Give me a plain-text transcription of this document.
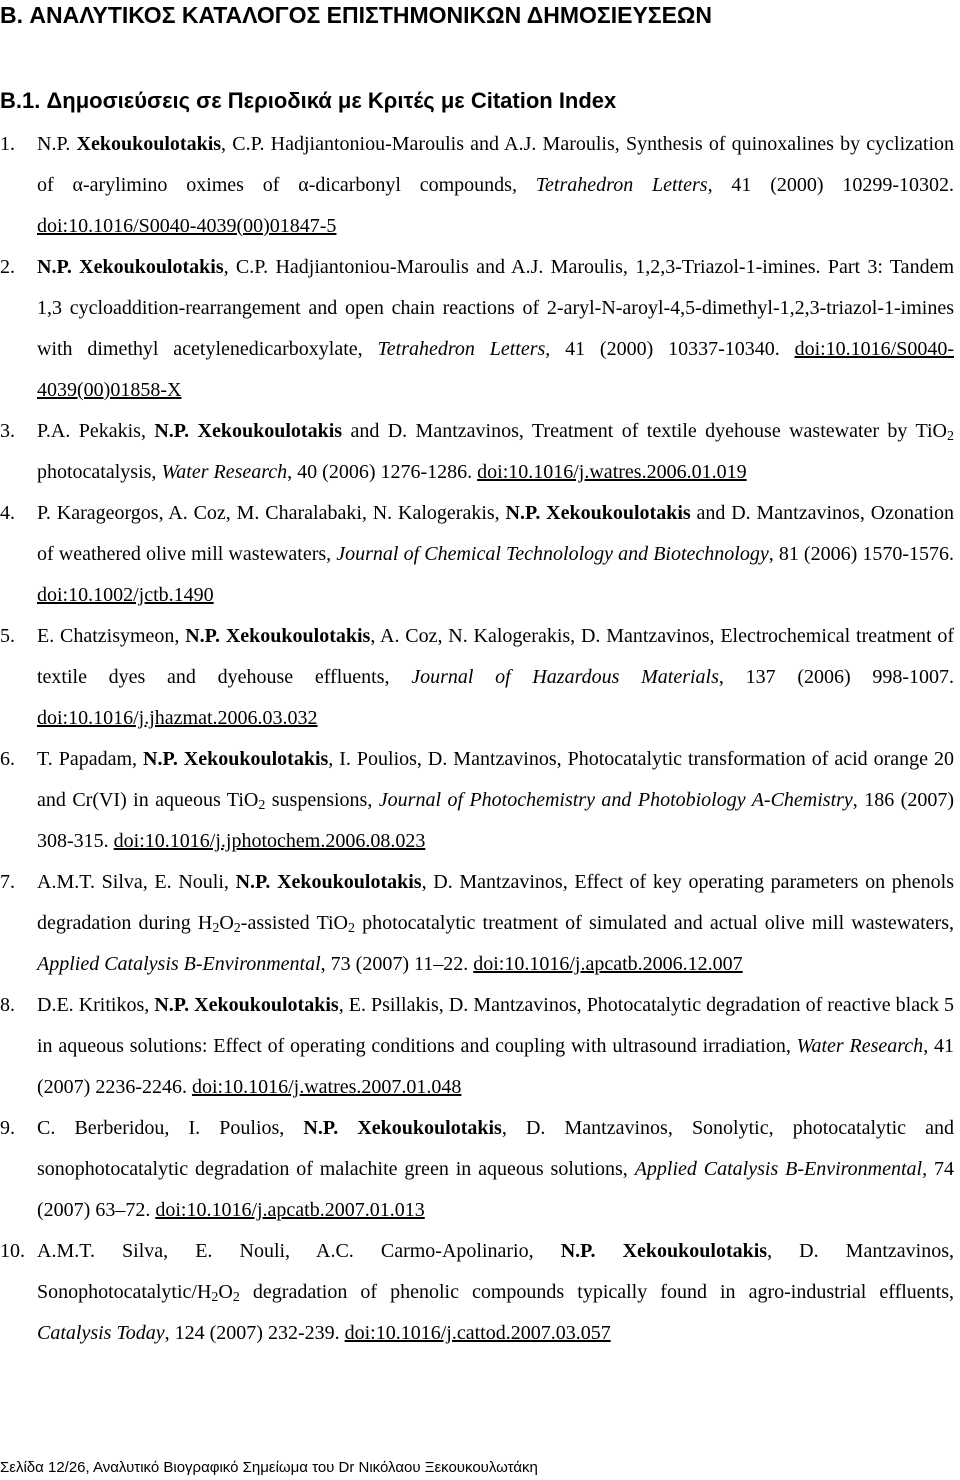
B. ΑΝΑΛΥΤΙΚΟΣ ΚΑΤΑΛΟΓΟΣ ΕΠΙΣΤΗΜΟΝΙΚΩΝ ΔΗΜΟΣΙΕΥΣΕΩΝ
B.1. Δημοσιεύσεις σε Περιοδικά με Κριτές με Citation Index
1. N.P. Xekoukoulotakis, C.P. Hadjiantoniou-Maroulis and A.J. Maroulis, Synthesis of quinoxalines by cyclization of α-arylimino oximes of α-dicarbonyl compounds, Tetrahedron Letters, 41 (2000) 10299-10302. doi:10.1016/S0040-4039(00)01847-5
2. N.P. Xekoukoulotakis, C.P. Hadjiantoniou-Maroulis and A.J. Maroulis, 1,2,3-Triazol-1-imines. Part 3: Tandem 1,3 cycloaddition-rearrangement and open chain reactions of 2-aryl-N-aroyl-4,5-dimethyl-1,2,3-triazol-1-imines with dimethyl acetylenedicarboxylate, Tetrahedron Letters, 41 (2000) 10337-10340. doi:10.1016/S0040-4039(00)01858-X
3. P.A. Pekakis, N.P. Xekoukoulotakis and D. Mantzavinos, Treatment of textile dyehouse wastewater by TiO$_2$ photocatalysis, Water Research, 40 (2006) 1276-1286. doi:10.1016/j.watres.2006.01.019
4. P. Karageorgos, A. Coz, M. Charalabaki, N. Kalogerakis, N.P. Xekoukoulotakis and D. Mantzavinos, Ozonation of weathered olive mill wastewaters, Journal of Chemical Technolology and Biotechnology, 81 (2006) 1570-1576. doi:10.1002/jctb.1490
5. E. Chatzisymeon, N.P. Xekoukoulotakis, A. Coz, N. Kalogerakis, D. Mantzavinos, Electrochemical treatment of textile dyes and dyehouse effluents, Journal of Hazardous Materials, 137 (2006) 998-1007. doi:10.1016/j.jhazmat.2006.03.032
6. T. Papadam, N.P. Xekoukoulotakis, I. Poulios, D. Mantzavinos, Photocatalytic transformation of acid orange 20 and Cr(VI) in aqueous TiO$_2$ suspensions, Journal of Photochemistry and Photobiology A-Chemistry, 186 (2007) 308-315. doi:10.1016/j.jphotochem.2006.08.023
7. A.M.T. Silva, E. Nouli, N.P. Xekoukoulotakis, D. Mantzavinos, Effect of key operating parameters on phenols degradation during $H_2O_2$-assisted TiO$_2$ photocatalytic treatment of simulated and actual olive mill wastewaters, Applied Catalysis B-Environmental, 73 (2007) 11–22. doi:10.1016/j.apcatb.2006.12.007
8. D.E. Kritikos, N.P. Xekoukoulotakis, E. Psillakis, D. Mantzavinos, Photocatalytic degradation of reactive black 5 in aqueous solutions: Effect of operating conditions and coupling with ultrasound irradiation, Water Research, 41 (2007) 2236-2246. doi:10.1016/j.watres.2007.01.048
9. C. Berberidou, I. Poulios, N.P. Xekoukoulotakis, D. Mantzavinos, Sonolytic, photocatalytic and sonophotocatalytic degradation of malachite green in aqueous solutions, Applied Catalysis B-Environmental, 74 (2007) 63–72. doi:10.1016/j.apcatb.2007.01.013
10. A.M.T. Silva, E. Nouli, A.C. Carmo-Apolinario, N.P. Xekoukoulotakis, D. Mantzavinos, Sonophotocatalytic/$H_2O_2$ degradation of phenolic compounds typically found in agro-industrial effluents, Catalysis Today, 124 (2007) 232-239. doi:10.1016/j.cattod.2007.03.057

Σελίδα 12/26, Αναλυτικό Βιογραφικό Σημείωμα του Dr Νικόλαου Ξεκουκουλωτάκη
